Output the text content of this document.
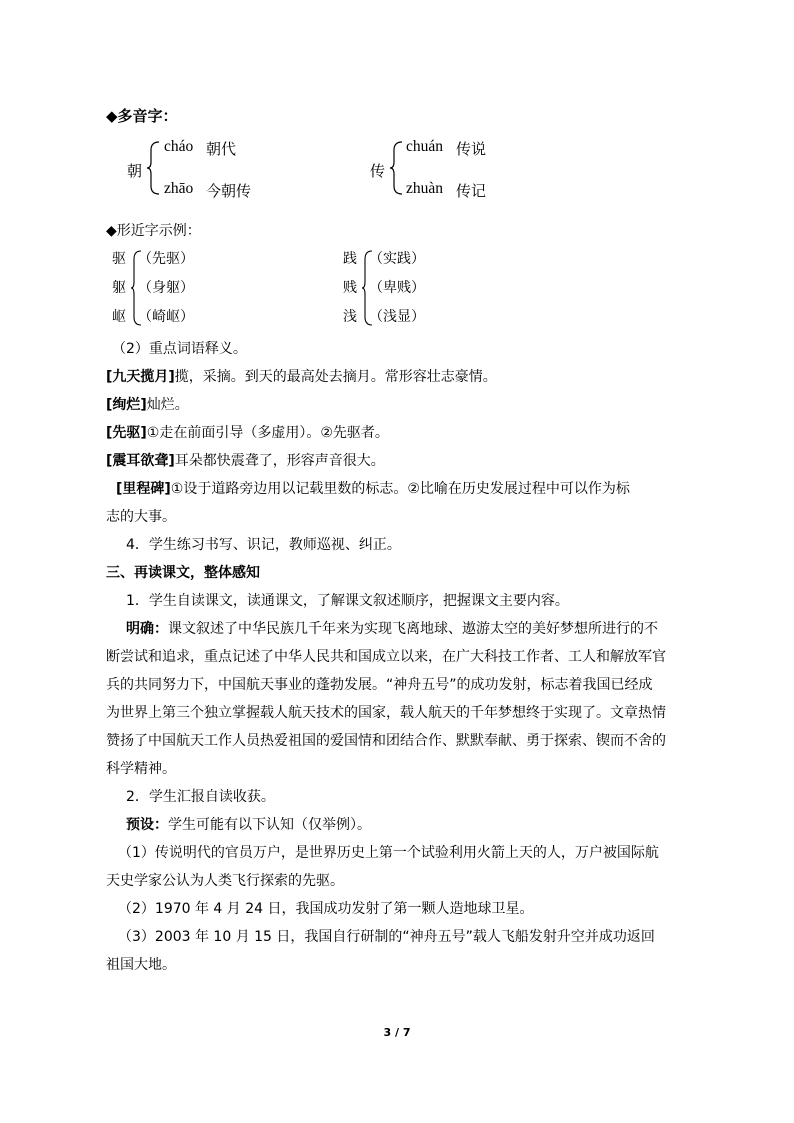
◆多音字：
朝
cháo 朝代
zhāo 今朝传
传
chuán 传说
zhuàn 传记
◆形近字示例：
驱
躯
岖
（先驱）
（身躯）
（崎岖）
践
贱
浅
（实践）
（卑贱）
（浅显）

（2）重点词语释义。

[九天揽月]揽，采摘。到天的最高处去摘月。常形容壮志豪情。

[绚烂]灿烂。

[先驱]①走在前面引导（多虚用）。②先驱者。

[震耳欲聋]耳朵都快震聋了，形容声音很大。

[里程碑]①设于道路旁边用以记载里数的标志。②比喻在历史发展过程中可以作为标

志的大事。

4．学生练习书写、识记，教师巡视、纠正。

三、再读课文，整体感知

1．学生自读课文，读通课文，了解课文叙述顺序，把握课文主要内容。

明确：课文叙述了中华民族几千年来为实现飞离地球、遨游太空的美好梦想所进行的不

断尝试和追求，重点记述了中华人民共和国成立以来，在广大科技工作者、工人和解放军官

兵的共同努力下，中国航天事业的蓬勃发展。“神舟五号”的成功发射，标志着我国已经成

为世界上第三个独立掌握载人航天技术的国家，载人航天的千年梦想终于实现了。文章热情

赞扬了中国航天工作人员热爱祖国的爱国情和团结合作、默默奉献、勇于探索、锲而不舍的

科学精神。

2．学生汇报自读收获。

预设：学生可能有以下认知（仅举例）。

（1）传说明代的官员万户，是世界历史上第一个试验利用火箭上天的人，万户被国际航

天史学家公认为人类飞行探索的先驱。

（2）1970 年 4 月 24 日，我国成功发射了第一颗人造地球卫星。

（3）2003 年 10 月 15 日，我国自行研制的“神舟五号”载人飞船发射升空并成功返回

祖国大地。

3 / 7
